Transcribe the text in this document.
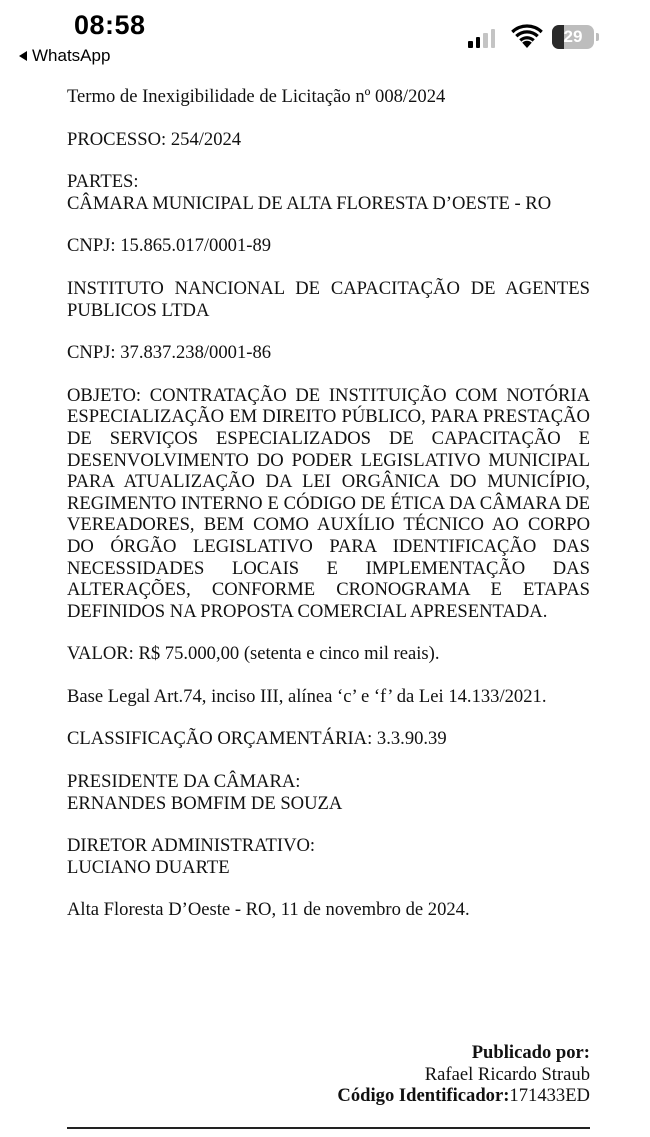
08:58
WhatsApp
29

Termo de Inexigibilidade de Licitação nº 008/2024

PROCESSO: 254/2024

PARTES:

CÂMARA MUNICIPAL DE ALTA FLORESTA D’OESTE - RO

CNPJ: 15.865.017/0001-89

INSTITUTO NANCIONAL DE CAPACITAÇÃO DE AGENTES PUBLICOS LTDA

CNPJ: 37.837.238/0001-86

OBJETO: CONTRATAÇÃO DE INSTITUIÇÃO COM NOTÓRIA ESPECIALIZAÇÃO EM DIREITO PÚBLICO, PARA PRESTAÇÃO DE SERVIÇOS ESPECIALIZADOS DE CAPACITAÇÃO E DESENVOLVIMENTO DO PODER LEGISLATIVO MUNICIPAL PARA ATUALIZAÇÃO DA LEI ORGÂNICA DO MUNICÍPIO, REGIMENTO INTERNO E CÓDIGO DE ÉTICA DA CÂMARA DE VEREADORES, BEM COMO AUXÍLIO TÉCNICO AO CORPO DO ÓRGÃO LEGISLATIVO PARA IDENTIFICAÇÃO DAS NECESSIDADES LOCAIS E IMPLEMENTAÇÃO DAS ALTERAÇÕES, CONFORME CRONOGRAMA E ETAPAS DEFINIDOS NA PROPOSTA COMERCIAL APRESENTADA.

VALOR: R$ 75.000,00 (setenta e cinco mil reais).

Base Legal Art.74, inciso III, alínea ‘c’ e ‘f’ da Lei 14.133/2021.

CLASSIFICAÇÃO ORÇAMENTÁRIA: 3.3.90.39

PRESIDENTE DA CÂMARA:
ERNANDES BOMFIM DE SOUZA

DIRETOR ADMINISTRATIVO:
LUCIANO DUARTE

Alta Floresta D’Oeste - RO, 11 de novembro de 2024.

Publicado por:
Rafael Ricardo Straub
Código Identificador:171433ED
